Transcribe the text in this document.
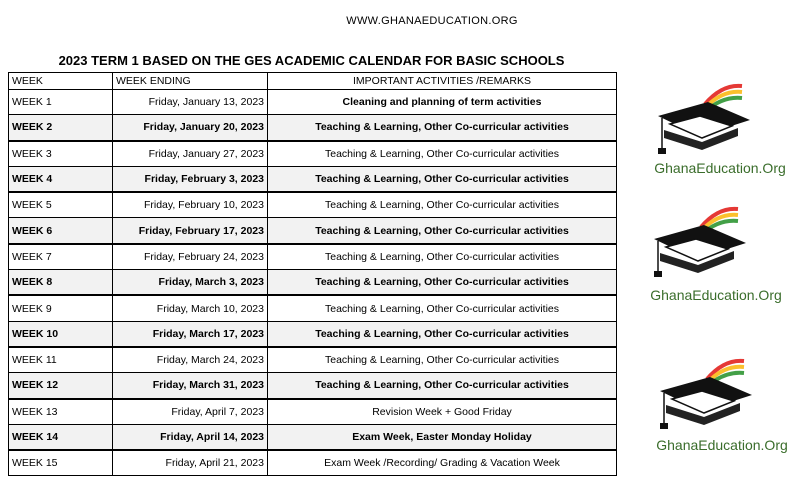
WWW.GHANAEDUCATION.ORG
2023 TERM 1 BASED ON THE GES ACADEMIC CALENDAR FOR BASIC SCHOOLS
WEEK	WEEK ENDING	IMPORTANT ACTIVITIES /REMARKS
WEEK 1	Friday, January 13, 2023	Cleaning and planning of term activities
WEEK 2	Friday, January 20, 2023	Teaching & Learning, Other Co-curricular activities
WEEK 3	Friday, January 27, 2023	Teaching & Learning, Other Co-curricular activities
WEEK 4	Friday, February 3, 2023	Teaching & Learning, Other Co-curricular activities
WEEK 5	Friday, February 10, 2023	Teaching & Learning, Other Co-curricular activities
WEEK 6	Friday, February 17, 2023	Teaching & Learning, Other Co-curricular activities
WEEK 7	Friday, February 24, 2023	Teaching & Learning, Other Co-curricular activities
WEEK 8	Friday, March 3, 2023	Teaching & Learning, Other Co-curricular activities
WEEK 9	Friday, March 10, 2023	Teaching & Learning, Other Co-curricular activities
WEEK 10	Friday, March 17, 2023	Teaching & Learning, Other Co-curricular activities
WEEK 11	Friday, March 24, 2023	Teaching & Learning, Other Co-curricular activities
WEEK 12	Friday, March 31, 2023	Teaching & Learning, Other Co-curricular activities
WEEK 13	Friday, April 7, 2023	Revision Week + Good Friday
WEEK 14	Friday, April 14, 2023	Exam Week, Easter Monday Holiday
WEEK 15	Friday, April 21, 2023	Exam Week /Recording/ Grading & Vacation Week
GhanaEducation.Org
GhanaEducation.Org
GhanaEducation.Org
